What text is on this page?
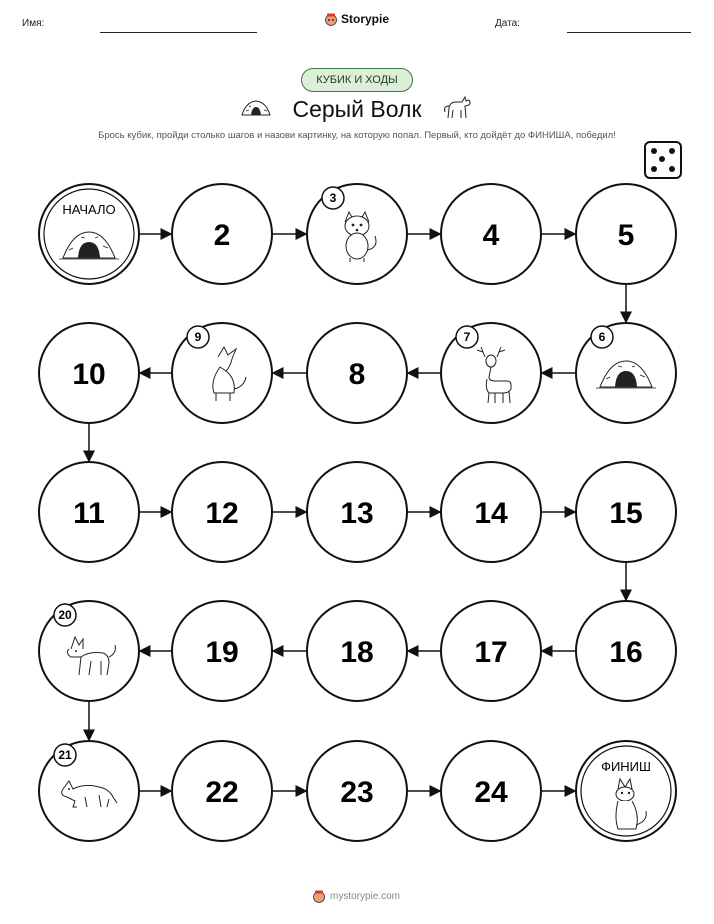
Имя:	Storypie	Дата:
КУБИК И ХОДЫ
Серый Волк
Брось кубик, пройди столько шагов и назови картинку, на которую попал. Первый, кто дойдёт до ФИНИША, победил!
НАЧАЛО
2
3
4	5
6
7
8
9
10
11	12	13	14	15
16
17
18
19
20
21
22	23	24
ФИНИШ
mystorypie.com
